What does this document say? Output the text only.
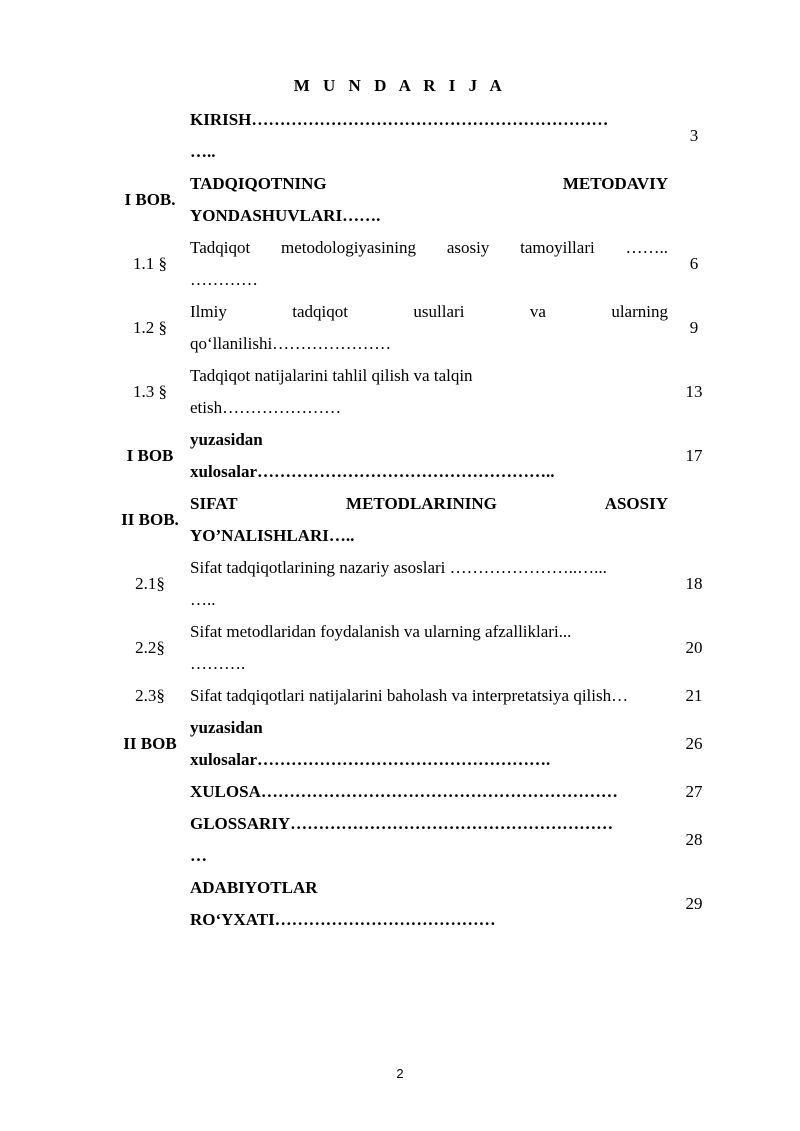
M U N D A R I J A

	KIRISH………………………………………………………
…..	3
I BOB.	TADQIQOTNING METODAVIY
YONDASHUVLARI…….	

1.1 §	Tadqiqot metodologiyasining asosiy tamoyillari ……..
…………	6
1.2 §	Ilmiy tadqiqot usullari va ularning
qo‘llanilishi…………………	9
1.3 §	Tadqiqot natijalarini tahlil qilish va talqin
etish…………………	13
I BOB	yuzasidan
xulosalar……………………………………………..	17
II BOB.	SIFAT METODLARINING ASOSIY
YO’NALISHLARI…..	

2.1§	Sifat tadqiqotlarining nazariy asoslari …………………..…...
…..	18
2.2§	Sifat metodlaridan foydalanish va ularning afzalliklari...
……….	20
2.3§	Sifat tadqiqotlari natijalarini baholash va interpretatsiya qilish…	21
II BOB	yuzasidan
xulosalar…………………………………………….	26

	XULOSA………………………………………………………	27

	GLOSSARIY…………………………………………………
…	28

	ADABIYOTLAR
RO‘YXATI…………………………………	29
2
